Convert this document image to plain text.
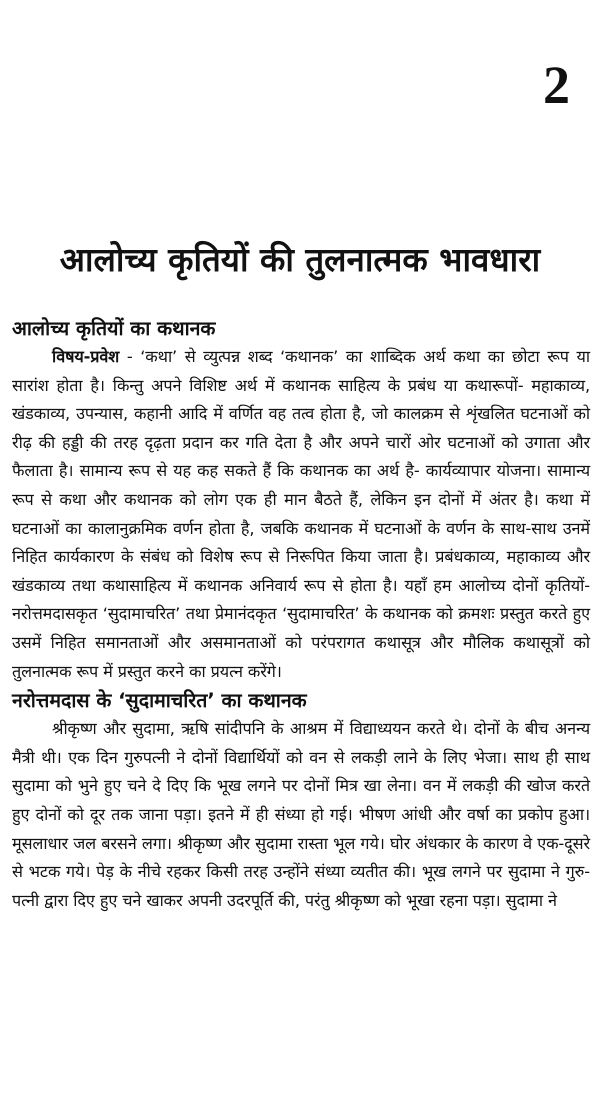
2
आलोच्य कृतियों की तुलनात्मक भावधारा
आलोच्य कृतियों का कथानक

विषय-प्रवेश - ‘कथा’ से व्युत्पन्न शब्द ‘कथानक’ का शाब्दिक अर्थ कथा का छोटा रूप या सारांश होता है। किन्तु अपने विशिष्ट अर्थ में कथानक साहित्य के प्रबंध या कथारूपों- महाकाव्य, खंडकाव्य, उपन्यास, कहानी आदि में वर्णित वह तत्व होता है, जो कालक्रम से शृंखलित घटनाओं को रीढ़ की हड्डी की तरह दृढ़ता प्रदान कर गति देता है और अपने चारों ओर घटनाओं को उगाता और फैलाता है। सामान्य रूप से यह कह सकते हैं कि कथानक का अर्थ है- कार्यव्यापार योजना। सामान्य रूप से कथा और कथानक को लोग एक ही मान बैठते हैं, लेकिन इन दोनों में अंतर है। कथा में घटनाओं का कालानुक्रमिक वर्णन होता है, जबकि कथानक में घटनाओं के वर्णन के साथ-साथ उनमें निहित कार्यकारण के संबंध को विशेष रूप से निरूपित किया जाता है। प्रबंधकाव्य, महाकाव्य और खंडकाव्य तथा कथासाहित्य में कथानक अनिवार्य रूप से होता है। यहाँ हम आलोच्य दोनों कृतियों- नरोत्तमदासकृत ‘सुदामाचरित’ तथा प्रेमानंदकृत ‘सुदामाचरित’ के कथानक को क्रमशः प्रस्तुत करते हुए उसमें निहित समानताओं और असमानताओं को परंपरागत कथासूत्र और मौलिक कथासूत्रों को तुलनात्मक रूप में प्रस्तुत करने का प्रयत्न करेंगे।

नरोत्तमदास के ‘सुदामाचरित’ का कथानक

श्रीकृष्ण और सुदामा, ऋषि सांदीपनि के आश्रम में विद्याध्ययन करते थे। दोनों के बीच अनन्य मैत्री थी। एक दिन गुरुपत्नी ने दोनों विद्यार्थियों को वन से लकड़ी लाने के लिए भेजा। साथ ही साथ सुदामा को भुने हुए चने दे दिए कि भूख लगने पर दोनों मित्र खा लेना। वन में लकड़ी की खोज करते हुए दोनों को दूर तक जाना पड़ा। इतने में ही संध्या हो गई। भीषण आंधी और वर्षा का प्रकोप हुआ। मूसलाधार जल बरसने लगा। श्रीकृष्ण और सुदामा रास्ता भूल गये। घोर अंधकार के कारण वे एक-दूसरे से भटक गये। पेड़ के नीचे रहकर किसी तरह उन्होंने संध्या व्यतीत की। भूख लगने पर सुदामा ने गुरु- पत्नी द्वारा दिए हुए चने खाकर अपनी उदरपूर्ति की, परंतु श्रीकृष्ण को भूखा रहना पड़ा। सुदामा ने
